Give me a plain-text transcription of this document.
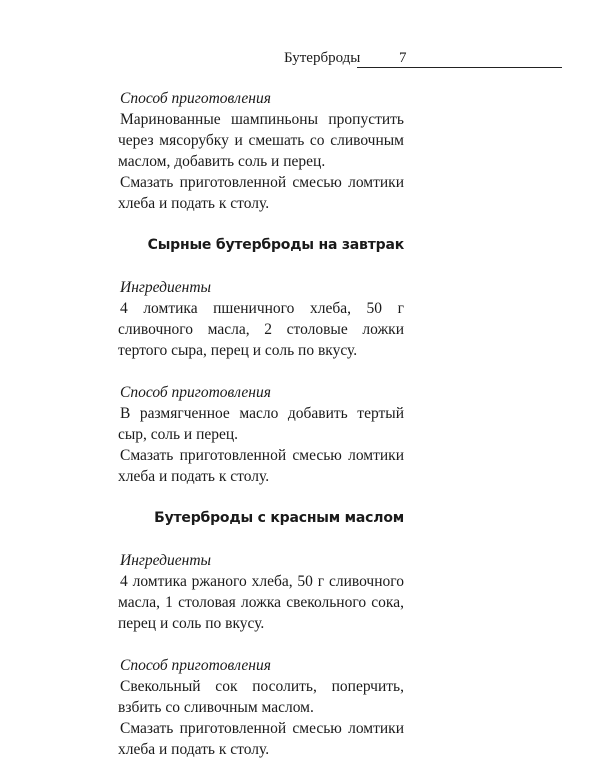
Бутерброды	7

Способ приготовления

Маринованные шампиньоны пропустить через мясорубку и смешать со сливочным маслом, добавить соль и перец.

Смазать приготовленной смесью ломтики хлеба и подать к столу.

Сырные бутерброды на завтрак

Ингредиенты

4 ломтика пшеничного хлеба, 50 г сливочного масла, 2 столовые ложки тертого сыра, перец и соль по вкусу.

Способ приготовления

В размягченное масло добавить тертый сыр, соль и перец.

Смазать приготовленной смесью ломтики хлеба и подать к столу.

Бутерброды с красным маслом

Ингредиенты

4 ломтика ржаного хлеба, 50 г сливочного масла, 1 столовая ложка свекольного сока, перец и соль по вкусу.

Способ приготовления

Свекольный сок посолить, поперчить, взбить со сливочным маслом.

Смазать приготовленной смесью ломтики хлеба и подать к столу.
